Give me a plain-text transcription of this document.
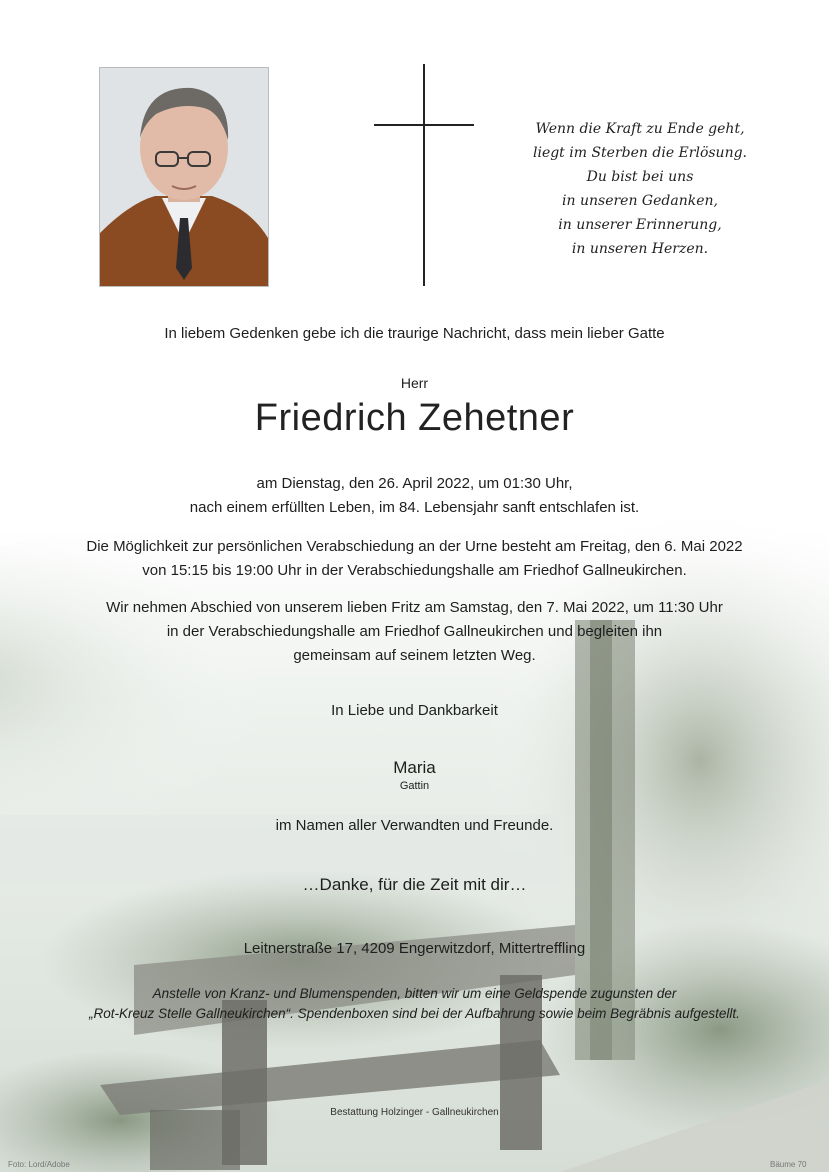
Wenn die Kraft zu Ende geht,
liegt im Sterben die Erlösung.
Du bist bei uns
in unseren Gedanken,
in unserer Erinnerung,
in unseren Herzen.
In liebem Gedenken gebe ich die traurige Nachricht, dass mein lieber Gatte
Herr
Friedrich Zehetner
am Dienstag, den 26. April 2022, um 01:30 Uhr,
nach einem erfüllten Leben, im 84. Lebensjahr sanft entschlafen ist.
Die Möglichkeit zur persönlichen Verabschiedung an der Urne besteht am Freitag, den 6. Mai 2022
von 15:15 bis 19:00 Uhr in der Verabschiedungshalle am Friedhof Gallneukirchen.
Wir nehmen Abschied von unserem lieben Fritz am Samstag, den 7. Mai 2022, um 11:30 Uhr
in der Verabschiedungshalle am Friedhof Gallneukirchen und begleiten ihn
gemeinsam auf seinem letzten Weg.
In Liebe und Dankbarkeit
Maria
Gattin
im Namen aller Verwandten und Freunde.
…Danke, für die Zeit mit dir…
Leitnerstraße 17, 4209 Engerwitzdorf, Mittertreffling
Anstelle von Kranz- und Blumenspenden, bitten wir um eine Geldspende zugunsten der
„Rot-Kreuz Stelle Gallneukirchen“. Spendenboxen sind bei der Aufbahrung sowie beim Begräbnis aufgestellt.
Bestattung Holzinger - Gallneukirchen
Foto: Lord/Adobe	Bäume 70
